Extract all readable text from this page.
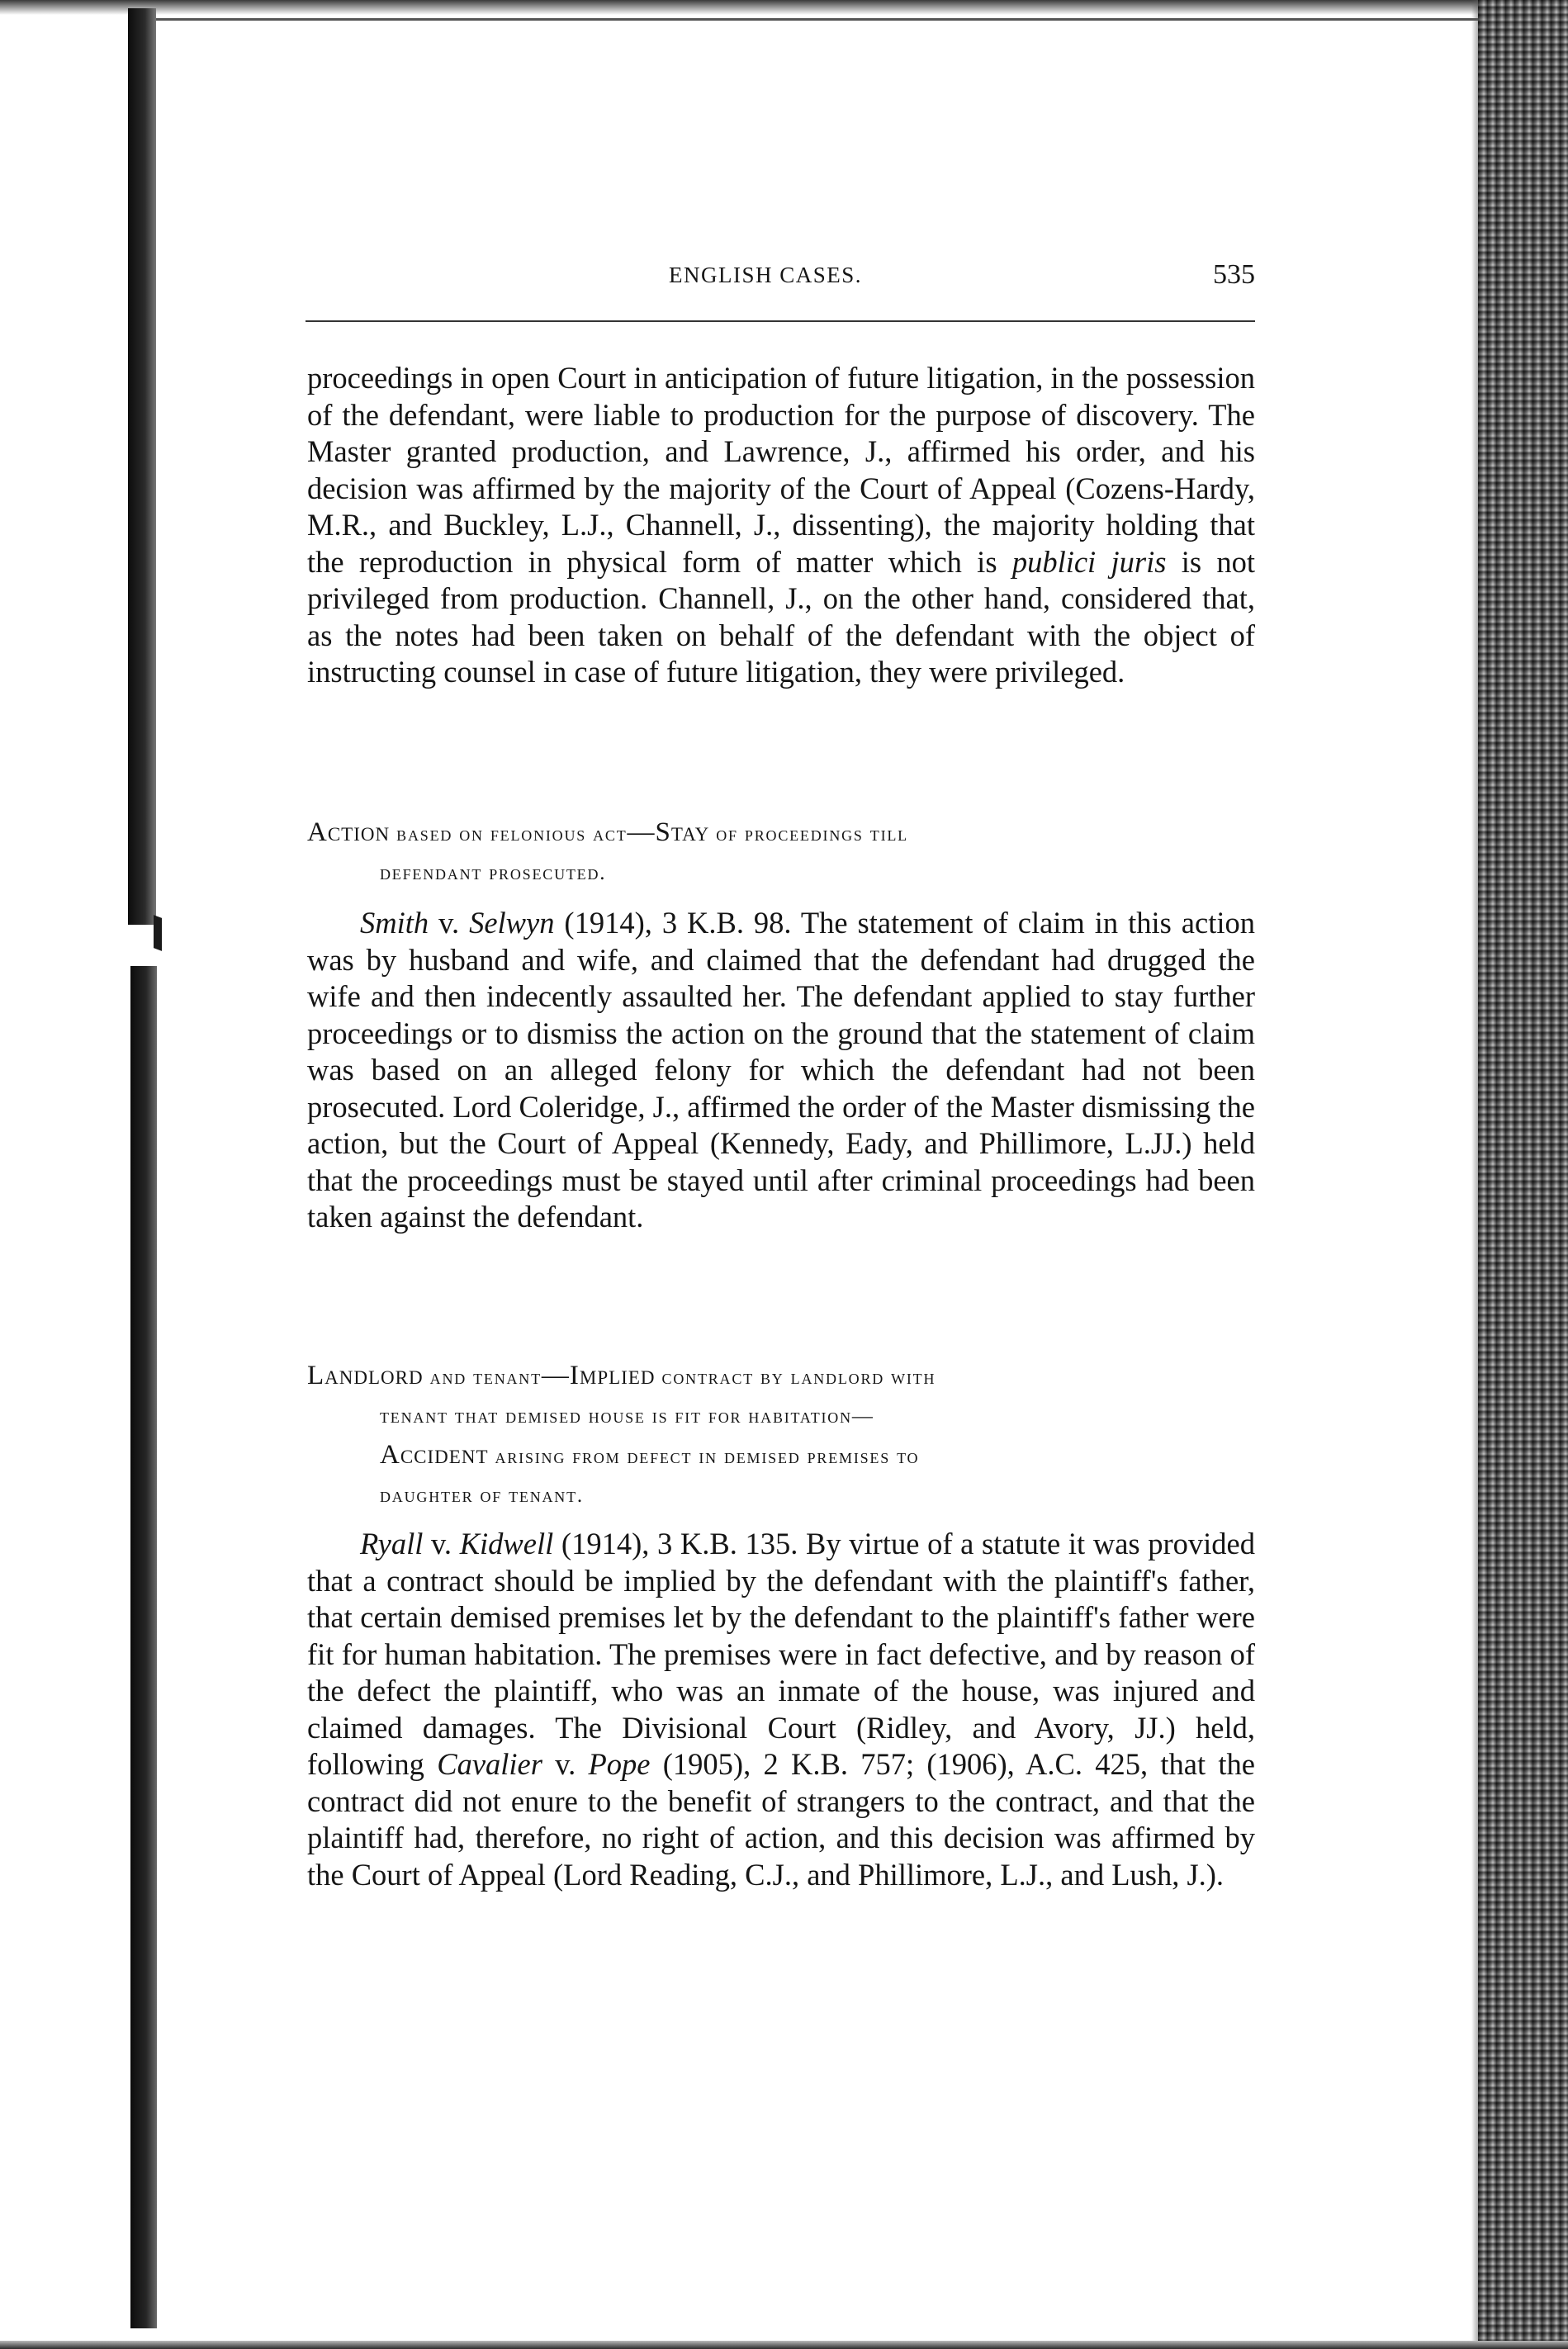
ENGLISH CASES.	535

proceedings in open Court in anticipation of future litigation, in the possession of the defendant, were liable to production for the purpose of discovery. The Master granted production, and Lawrence, J., affirmed his order, and his decision was affirmed by the majority of the Court of Appeal (Cozens-Hardy, M.R., and Buckley, L.J., Channell, J., dissenting), the majority holding that the reproduction in physical form of matter which is publici juris is not privileged from production. Channell, J., on the other hand, considered that, as the notes had been taken on behalf of the defendant with the object of instructing counsel in case of future litigation, they were privileged.

Action based on felonious act—Stay of proceedings till
defendant prosecuted.

Smith v. Selwyn (1914), 3 K.B. 98. The statement of claim in this action was by husband and wife, and claimed that the defendant had drugged the wife and then indecently assaulted her. The defendant applied to stay further proceedings or to dismiss the action on the ground that the statement of claim was based on an alleged felony for which the defendant had not been prosecuted. Lord Coleridge, J., affirmed the order of the Master dismissing the action, but the Court of Appeal (Kennedy, Eady, and Phillimore, L.JJ.) held that the proceedings must be stayed until after criminal proceedings had been taken against the defendant.

Landlord and tenant—Implied contract by landlord with
tenant that demised house is fit for habitation—
Accident arising from defect in demised premises to
daughter of tenant.

Ryall v. Kidwell (1914), 3 K.B. 135. By virtue of a statute it was provided that a contract should be implied by the defendant with the plaintiff's father, that certain demised premises let by the defendant to the plaintiff's father were fit for human habitation. The premises were in fact defective, and by reason of the defect the plaintiff, who was an inmate of the house, was injured and claimed damages. The Divisional Court (Ridley, and Avory, JJ.) held, following Cavalier v. Pope (1905), 2 K.B. 757; (1906), A.C. 425, that the contract did not enure to the benefit of strangers to the contract, and that the plaintiff had, therefore, no right of action, and this decision was affirmed by the Court of Appeal (Lord Reading, C.J., and Phillimore, L.J., and Lush, J.).
